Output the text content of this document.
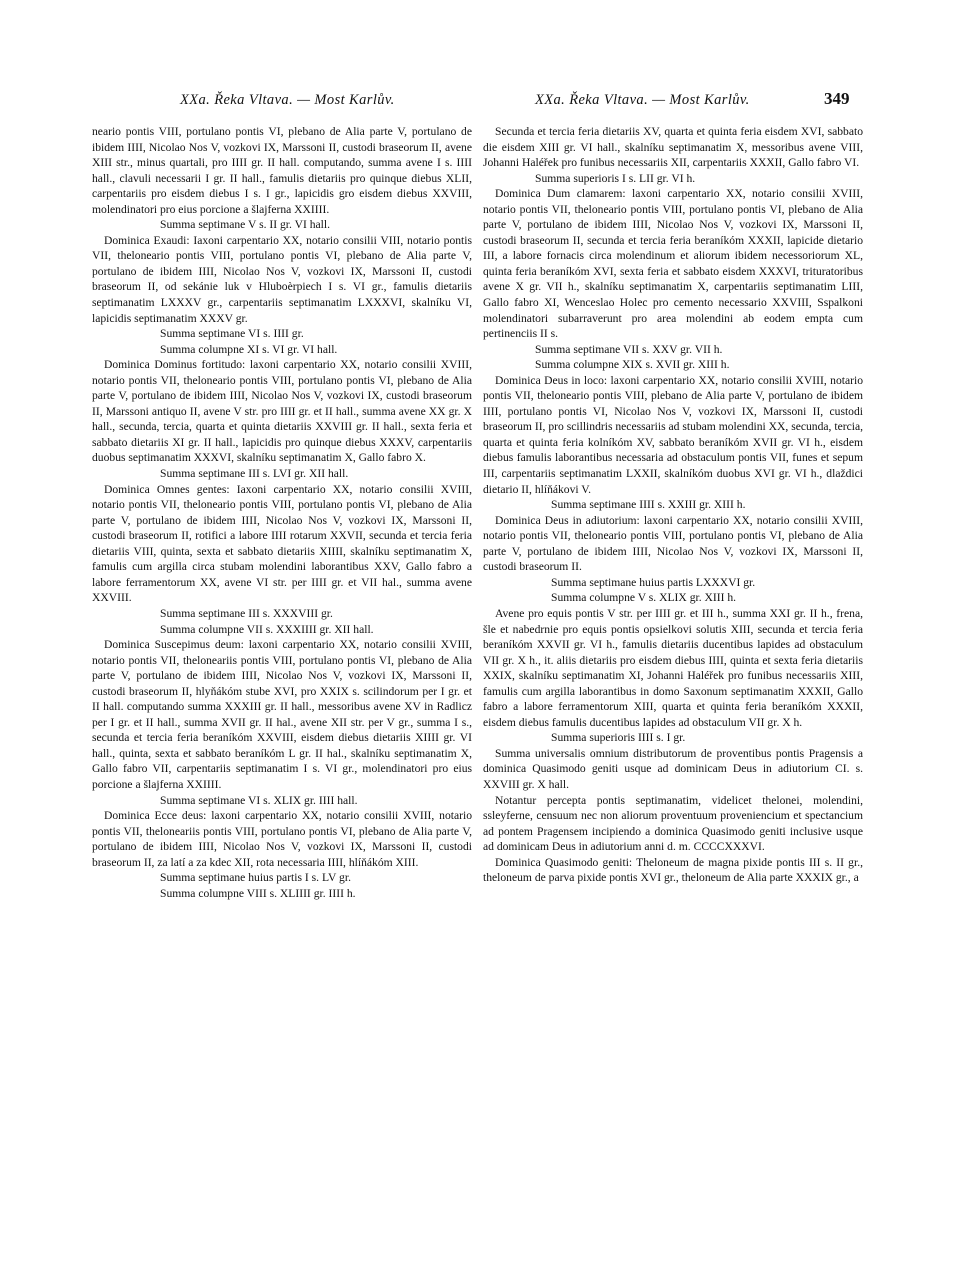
XXa. Řeka Vltava. — Most Karlův.	XXa. Řeka Vltava. — Most Karlův.	349

neario pontis VIII, portulano pontis VI, plebano de Alia parte V, portulano de ibidem IIII, Nicolao Nos V, vozkovi IX, Marssoni II, custodi braseorum II, avene XIII str., minus quartali, pro IIII gr. II hall. computando, summa avene I s. IIII hall., clavuli necessarii I gr. II hall., famulis dietariis pro quinque diebus XLII, carpentariis pro eisdem diebus I s. I gr., lapicidis gro eisdem diebus XXVIII, molendinatori pro eius porcione a šlajferna XXIIII.

Summa septimane V s. II gr. VI hall.

Dominica Exaudi: Iaxoni carpentario XX, notario consilii VIII, notario pontis VII, theloneario pontis VIII, portulano pontis VI, plebano de Alia parte V, portulano de ibidem IIII, Nicolao Nos V, vozkovi IX, Marssoni II, custodi braseorum II, od sekánie luk v Hluboèrpiech I s. VI gr., famulis dietariis septimanatim LXXXV gr., carpentariis septimanatim LXXXVI, skalníku VI, lapicidis septimanatim XXXV gr.

Summa septimane VI s. IIII gr.

Summa columpne XI s. VI gr. VI hall.

Dominica Dominus fortitudo: laxoni carpentario XX, notario consilii XVIII, notario pontis VII, theloneario pontis VIII, portulano pontis VI, plebano de Alia parte V, portulano de ibidem IIII, Nicolao Nos V, vozkovi IX, custodi braseorum II, Marssoni antiquo II, avene V str. pro IIII gr. et II hall., summa avene XX gr. X hall., secunda, tercia, quarta et quinta dietariis XXVIII gr. II hall., sexta feria et sabbato dietariis XI gr. II hall., lapicidis pro quinque diebus XXXV, carpentariis duobus septimanatim XXXVI, skalníku septimanatim X, Gallo fabro X.

Summa septimane III s. LVI gr. XII hall.

Dominica Omnes gentes: Iaxoni carpentario XX, notario consilii XVIII, notario pontis VII, theloneario pontis VIII, portulano pontis VI, plebano de Alia parte V, portulano de ibidem IIII, Nicolao Nos V, vozkovi IX, Marssoni II, custodi braseorum II, rotifici a labore IIII rotarum XXVII, secunda et tercia feria dietariis VIII, quinta, sexta et sabbato dietariis XIIII, skalníku septimanatim X, famulis cum argilla circa stubam molendini laborantibus XXV, Gallo fabro a labore ferramentorum XX, avene VI str. per IIII gr. et VII hal., summa avene XXVIII.

Summa septimane III s. XXXVIII gr.

Summa columpne VII s. XXXIIII gr. XII hall.

Dominica Suscepimus deum: laxoni carpentario XX, notario consilii XVIII, notario pontis VII, theloneariis pontis VIII, portulano pontis VI, plebano de Alia parte V, portulano de ibidem IIII, Nicolao Nos V, vozkovi IX, Marssoni II, custodi braseorum II, hlyňákóm stube XVI, pro XXIX s. scilindorum per I gr. et II hall. computando summa XXXIII gr. II hall., messoribus avene XV in Radlicz per I gr. et II hall., summa XVII gr. II hal., avene XII str. per V gr., summa I s., secunda et tercia feria beraníkóm XXVIII, eisdem diebus dietariis XIIII gr. VI hall., quinta, sexta et sabbato beraníkóm L gr. II hal., skalníku septimanatim X, Gallo fabro VII, carpentariis septimanatim I s. VI gr., molendinatori pro eius porcione a šlajferna XXIIII.

Summa septimane VI s. XLIX gr. IIII hall.

Dominica Ecce deus: laxoni carpentario XX, notario consilii XVIII, notario pontis VII, theloneariis pontis VIII, portulano pontis VI, plebano de Alia parte V, portulano de ibidem IIII, Nicolao Nos V, vozkovi IX, Marssoni II, custodi braseorum II, za latí a za kdec XII, rota necessaria IIII, hlíňákóm XIII.

Summa septimane huius partis I s. LV gr.

Summa columpne VIII s. XLIIII gr. IIII h.

Secunda et tercia feria dietariis XV, quarta et quinta feria eisdem XVI, sabbato die eisdem XIII gr. VI hall., skalníku septimanatim X, messoribus avene VIII, Johanni Haléřek pro funibus necessariis XII, carpentariis XXXII, Gallo fabro VI.

Summa superioris I s. LII gr. VI h.

Dominica Dum clamarem: laxoni carpentario XX, notario consilii XVIII, notario pontis VII, theloneario pontis VIII, portulano pontis VI, plebano de Alia parte V, portulano de ibidem IIII, Nicolao Nos V, vozkovi IX, Marssoni II, custodi braseorum II, secunda et tercia feria beraníkóm XXXII, lapicide dietario III, a labore fornacis circa molendinum et aliorum ibidem necessoriorum XL, quinta feria beraníkóm XVI, sexta feria et sabbato eisdem XXXVI, trituratoribus avene X gr. VII h., skalníku septimanatim X, carpentariis septimanatim LIII, Gallo fabro XI, Wenceslao Holec pro cemento necessario XXVIII, Sspalkoni molendinatori subarraverunt pro area molendini ab eodem empta cum pertinenciis II s.

Summa septimane VII s. XXV gr. VII h.

Summa columpne XIX s. XVII gr. XIII h.

Dominica Deus in loco: laxoni carpentario XX, notario consilii XVIII, notario pontis VII, theloneario pontis VIII, plebano de Alia parte V, portulano de ibidem IIII, portulano pontis VI, Nicolao Nos V, vozkovi IX, Marssoni II, custodi braseorum II, pro scillindris necessariis ad stubam molendini XX, secunda, tercia, quarta et quinta feria kolníkóm XV, sabbato beraníkóm XVII gr. VI h., eisdem diebus famulis laborantibus necessaria ad obstaculum pontis VII, funes et sepum III, carpentariis septimanatim LXXII, skalníkóm duobus XVI gr. VI h., dlaždici dietario II, hlíňákovi V.

Summa septimane IIII s. XXIII gr. XIII h.

Dominica Deus in adiutorium: laxoni carpentario XX, notario consilii XVIII, notario pontis VII, theloneario pontis VIII, portulano pontis VI, plebano de Alia parte V, portulano de ibidem IIII, Nicolao Nos V, vozkovi IX, Marssoni II, custodi braseorum II.

Summa septimane huius partis LXXXVI gr.

Summa columpne V s. XLIX gr. XIII h.

Avene pro equis pontis V str. per IIII gr. et III h., summa XXI gr. II h., frena, šle et nabedrnie pro equis pontis opsielkovi solutis XIII, secunda et tercia feria beraníkóm XXVII gr. VI h., famulis dietariis ducentibus lapides ad obstaculum VII gr. X h., it. aliis dietariis pro eisdem diebus IIII, quinta et sexta feria dietariis XXIX, skalníku septimanatim XI, Johanni Haléřek pro funibus necessariis XIII, famulis cum argilla laborantibus in domo Saxonum septimanatim XXXII, Gallo fabro a labore ferramentorum XIII, quarta et quinta feria beraníkóm XXXII, eisdem diebus famulis ducentibus lapides ad obstaculum VII gr. X h.

Summa superioris IIII s. I gr.

Summa universalis omnium distributorum de proventibus pontis Pragensis a dominica Quasimodo geniti usque ad dominicam Deus in adiutorium CI. s. XXVIII gr. X hall.

Notantur percepta pontis septimanatim, videlicet thelonei, molendini, ssleyferne, censuum nec non aliorum proventuum proveniencium et spectancium ad pontem Pragensem incipiendo a dominica Quasimodo geniti inclusive usque ad dominicam Deus in adiutorium anni d. m. CCCCXXXVI.

Dominica Quasimodo geniti: Theloneum de magna pixide pontis III s. II gr., theloneum de parva pixide pontis XVI gr., theloneum de Alia parte XXXIX gr., a
